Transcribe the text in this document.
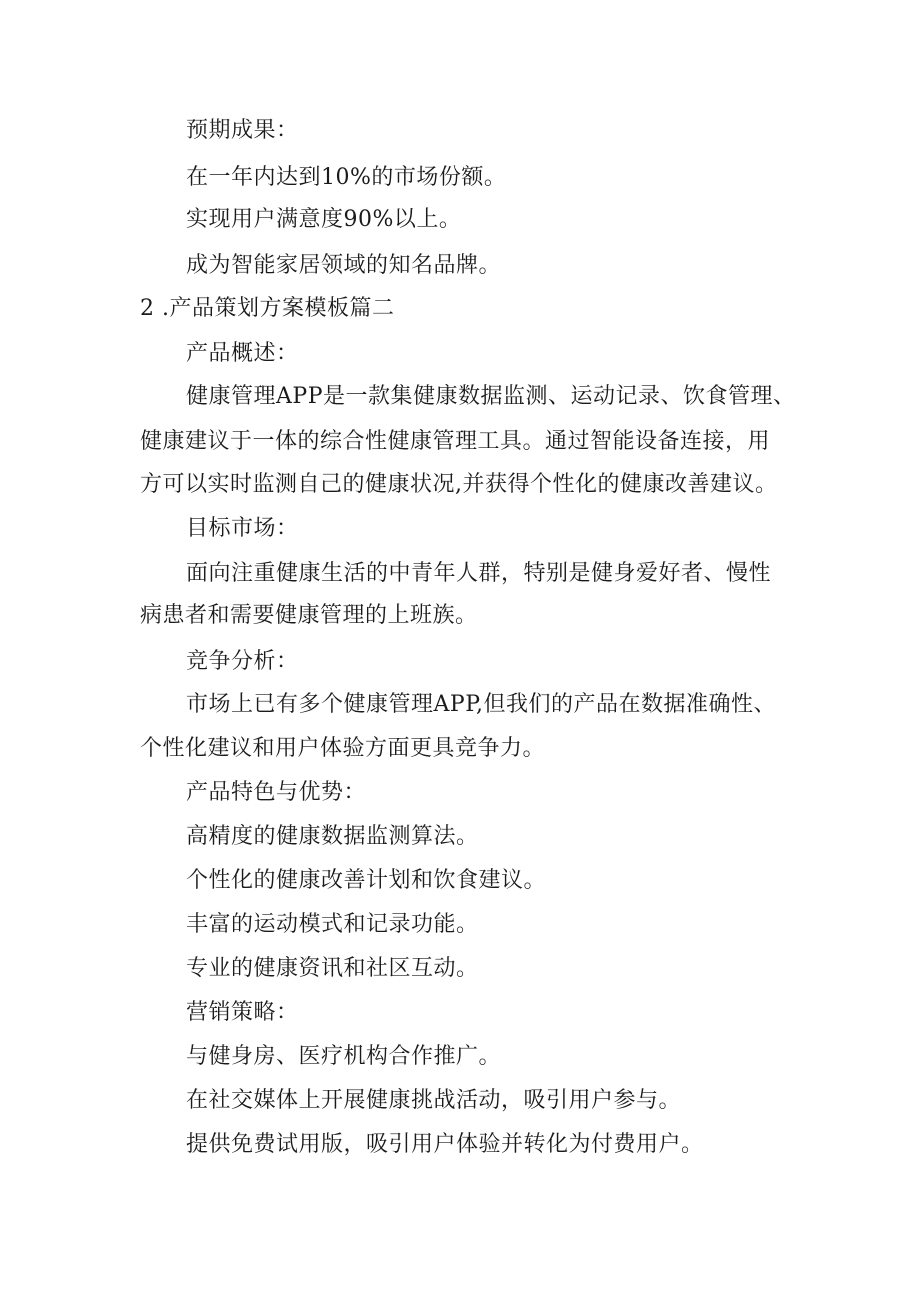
预期成果：
在一年内达到10%的市场份额。
实现用户满意度90%以上。
成为智能家居领域的知名品牌。
2 .产品策划方案模板篇二
产品概述：
健康管理APP是一款集健康数据监测、运动记录、饮食管理、
健康建议于一体的综合性健康管理工具。通过智能设备连接，用
方可以实时监测自己的健康状况,并获得个性化的健康改善建议。
目标市场：
面向注重健康生活的中青年人群，特别是健身爱好者、慢性
病患者和需要健康管理的上班族。
竞争分析：
市场上已有多个健康管理APP,但我们的产品在数据准确性、
个性化建议和用户体验方面更具竞争力。
产品特色与优势：
高精度的健康数据监测算法。
个性化的健康改善计划和饮食建议。
丰富的运动模式和记录功能。
专业的健康资讯和社区互动。
营销策略：
与健身房、医疗机构合作推广。
在社交媒体上开展健康挑战活动，吸引用户参与。
提供免费试用版，吸引用户体验并转化为付费用户。
